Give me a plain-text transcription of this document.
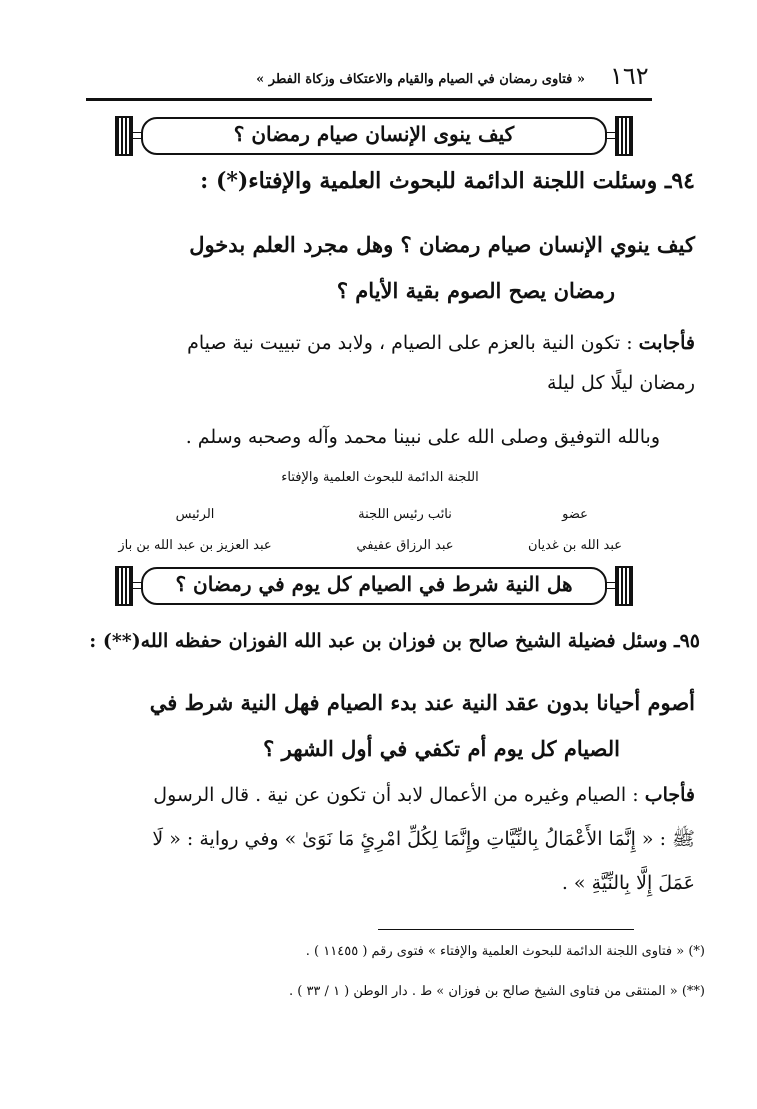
١٦٢
« فتاوى رمضان في الصيام والقيام والاعتكاف وزكاة الفطر »
كيف ينوى الإنسان صيام رمضان ؟
٩٤ـ وسئلت اللجنة الدائمة للبحوث العلمية والإفتاء(*) :
كيف ينوي الإنسان صيام رمضان ؟ وهل مجرد العلم بدخول
رمضان يصح الصوم بقية الأيام ؟
فأجابت : تكون النية بالعزم على الصيام ، ولابد من تبييت نية صيام
رمضان ليلًا كل ليلة
وبالله التوفيق وصلى الله على نبينا محمد وآله وصحبه وسلم .
اللجنة الدائمة للبحوث العلمية والإفتاء
الرئيس
عبد العزيز بن عبد الله بن باز
نائب رئيس اللجنة
عبد الرزاق عفيفي
عضو
عبد الله بن غديان
هل النية شرط في الصيام كل يوم في رمضان ؟
٩٥ـ وسئل فضيلة الشيخ صالح بن فوزان بن عبد الله الفوزان حفظه الله(**) :
أصوم أحيانا بدون عقد النية عند بدء الصيام فهل النية شرط في
الصيام كل يوم أم تكفي في أول الشهر ؟
فأجاب : الصيام وغيره من الأعمال لابد أن تكون عن نية . قال الرسول
ﷺ : « إِنَّمَا الأَعْمَالُ بِالنِّيَّاتِ وإِنَّمَا لِكُلِّ امْرِئٍ مَا نَوَىٰ » وفي رواية : « لَا
عَمَلَ إِلَّا بِالنِّيَّةِ » .
(*) « فتاوى اللجنة الدائمة للبحوث العلمية والإفتاء » فتوى رقم ( ١١٤٥٥ ) .
(**) « المنتقى من فتاوى الشيخ صالح بن فوزان » ط . دار الوطن ( ١ / ٣٣ ) .
